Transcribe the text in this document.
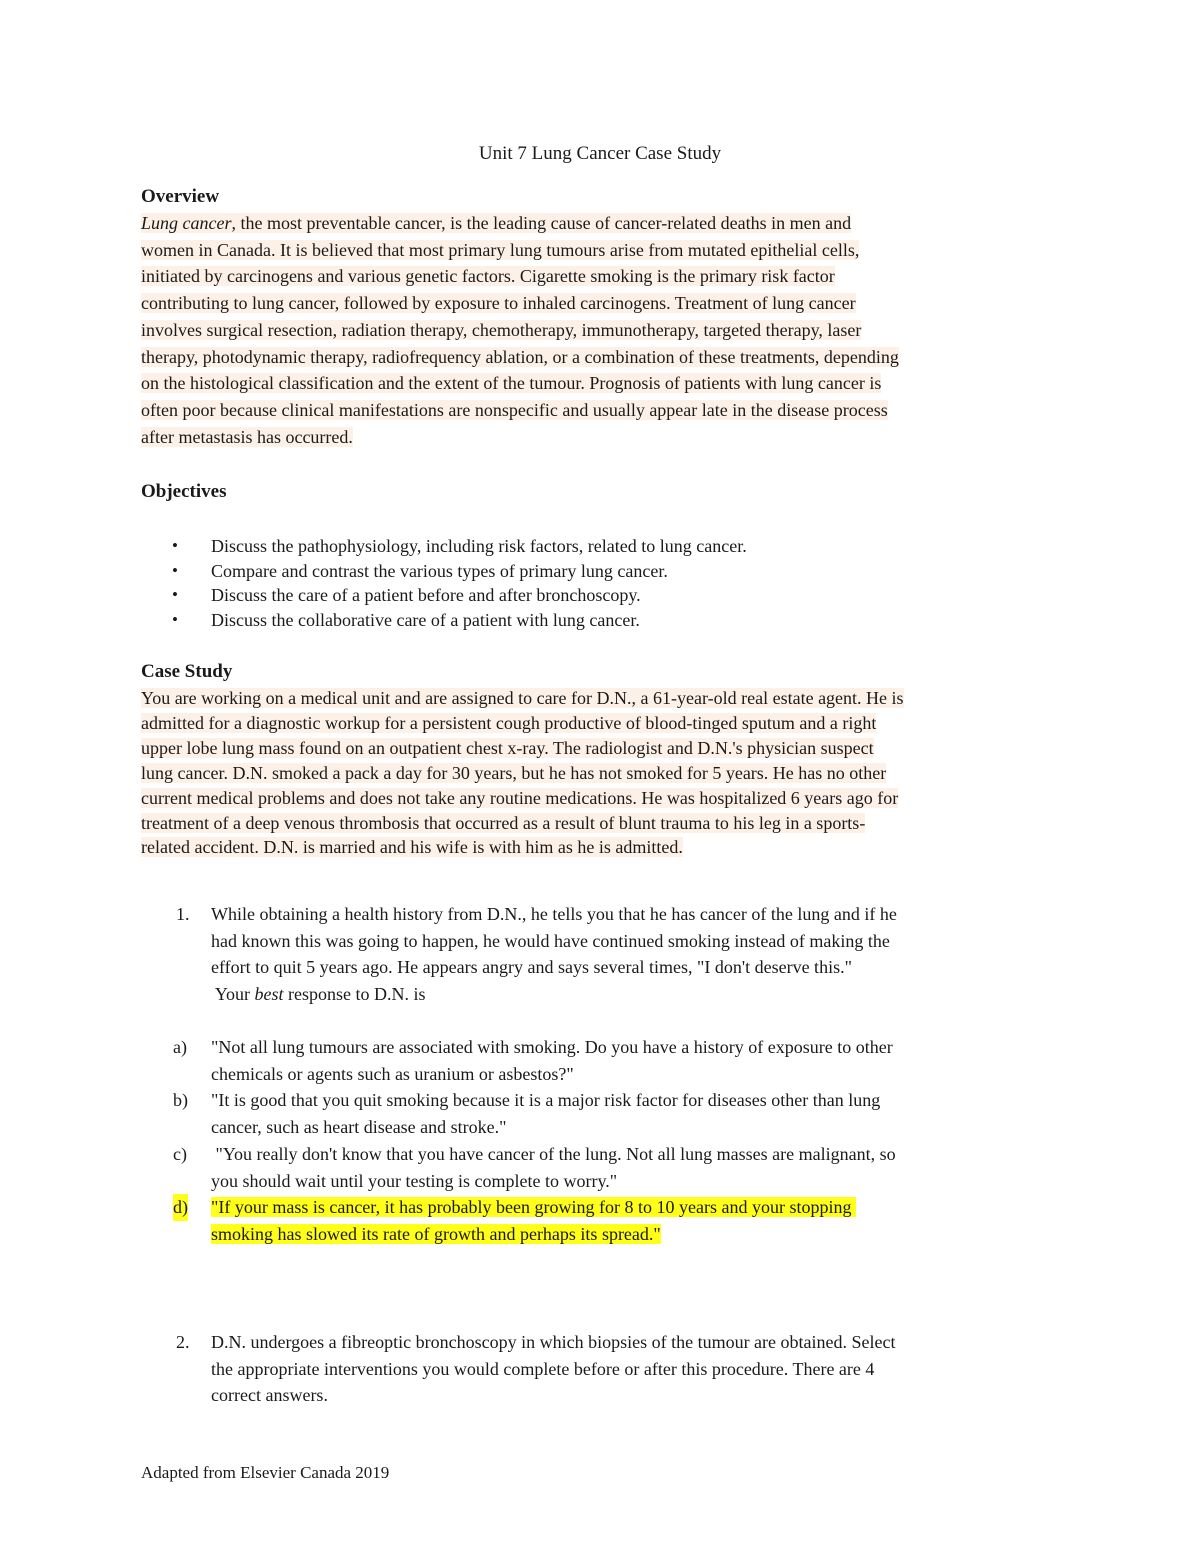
Unit 7 Lung Cancer Case Study
Overview
Lung cancer, the most preventable cancer, is the leading cause of cancer-related deaths in men and
women in Canada. It is believed that most primary lung tumours arise from mutated epithelial cells,
initiated by carcinogens and various genetic factors. Cigarette smoking is the primary risk factor
contributing to lung cancer, followed by exposure to inhaled carcinogens. Treatment of lung cancer
involves surgical resection, radiation therapy, chemotherapy, immunotherapy, targeted therapy, laser
therapy, photodynamic therapy, radiofrequency ablation, or a combination of these treatments, depending
on the histological classification and the extent of the tumour. Prognosis of patients with lung cancer is
often poor because clinical manifestations are nonspecific and usually appear late in the disease process
after metastasis has occurred.
Objectives
• Discuss the pathophysiology, including risk factors, related to lung cancer.
• Compare and contrast the various types of primary lung cancer.
• Discuss the care of a patient before and after bronchoscopy.
• Discuss the collaborative care of a patient with lung cancer.
Case Study
You are working on a medical unit and are assigned to care for D.N., a 61-year-old real estate agent. He is
admitted for a diagnostic workup for a persistent cough productive of blood-tinged sputum and a right
upper lobe lung mass found on an outpatient chest x-ray. The radiologist and D.N.'s physician suspect
lung cancer. D.N. smoked a pack a day for 30 years, but he has not smoked for 5 years. He has no other
current medical problems and does not take any routine medications. He was hospitalized 6 years ago for
treatment of a deep venous thrombosis that occurred as a result of blunt trauma to his leg in a sports-
related accident. D.N. is married and his wife is with him as he is admitted.
1. While obtaining a health history from D.N., he tells you that he has cancer of the lung and if he
had known this was going to happen, he would have continued smoking instead of making the
effort to quit 5 years ago. He appears angry and says several times, "I don't deserve this."
Your best response to D.N. is
a) "Not all lung tumours are associated with smoking. Do you have a history of exposure to other
chemicals or agents such as uranium or asbestos?"
b) "It is good that you quit smoking because it is a major risk factor for diseases other than lung
cancer, such as heart disease and stroke."
c) "You really don't know that you have cancer of the lung. Not all lung masses are malignant, so
you should wait until your testing is complete to worry."
d) "If your mass is cancer, it has probably been growing for 8 to 10 years and your stopping
smoking has slowed its rate of growth and perhaps its spread."
2. D.N. undergoes a fibreoptic bronchoscopy in which biopsies of the tumour are obtained. Select
the appropriate interventions you would complete before or after this procedure. There are 4
correct answers.
Adapted from Elsevier Canada 2019
